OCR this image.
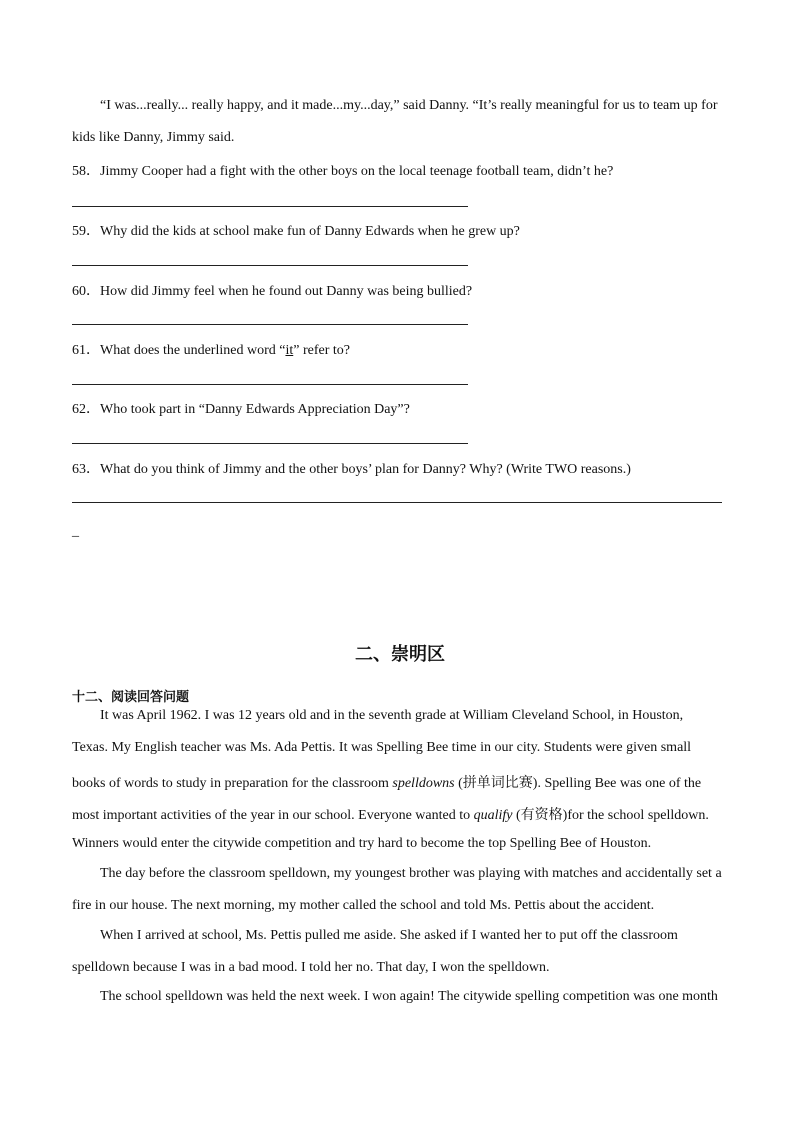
“I was...really... really happy, and it made...my...day,” said Danny. “It’s really meaningful for us to team up for
kids like Danny, Jimmy said.
58．Jimmy Cooper had a fight with the other boys on the local teenage football team, didn’t he?
59．Why did the kids at school make fun of Danny Edwards when he grew up?
60．How did Jimmy feel when he found out Danny was being bullied?
61．What does the underlined word “it” refer to?
62．Who took part in “Danny Edwards Appreciation Day”?
63．What do you think of Jimmy and the other boys’ plan for Danny? Why? (Write TWO reasons.)
_
二、崇明区
十二、阅读回答问题
It was April 1962. I was 12 years old and in the seventh grade at William Cleveland School, in Houston,
Texas. My English teacher was Ms. Ada Pettis. It was Spelling Bee time in our city. Students were given small
books of words to study in preparation for the classroom spelldowns (拼单词比赛). Spelling Bee was one of the
most important activities of the year in our school. Everyone wanted to qualify (有资格)for the school spelldown.
Winners would enter the citywide competition and try hard to become the top Spelling Bee of Houston.
The day before the classroom spelldown, my youngest brother was playing with matches and accidentally set a
fire in our house. The next morning, my mother called the school and told Ms. Pettis about the accident.
When I arrived at school, Ms. Pettis pulled me aside. She asked if I wanted her to put off the classroom
spelldown because I was in a bad mood. I told her no. That day, I won the spelldown.
The school spelldown was held the next week. I won again! The citywide spelling competition was one month
